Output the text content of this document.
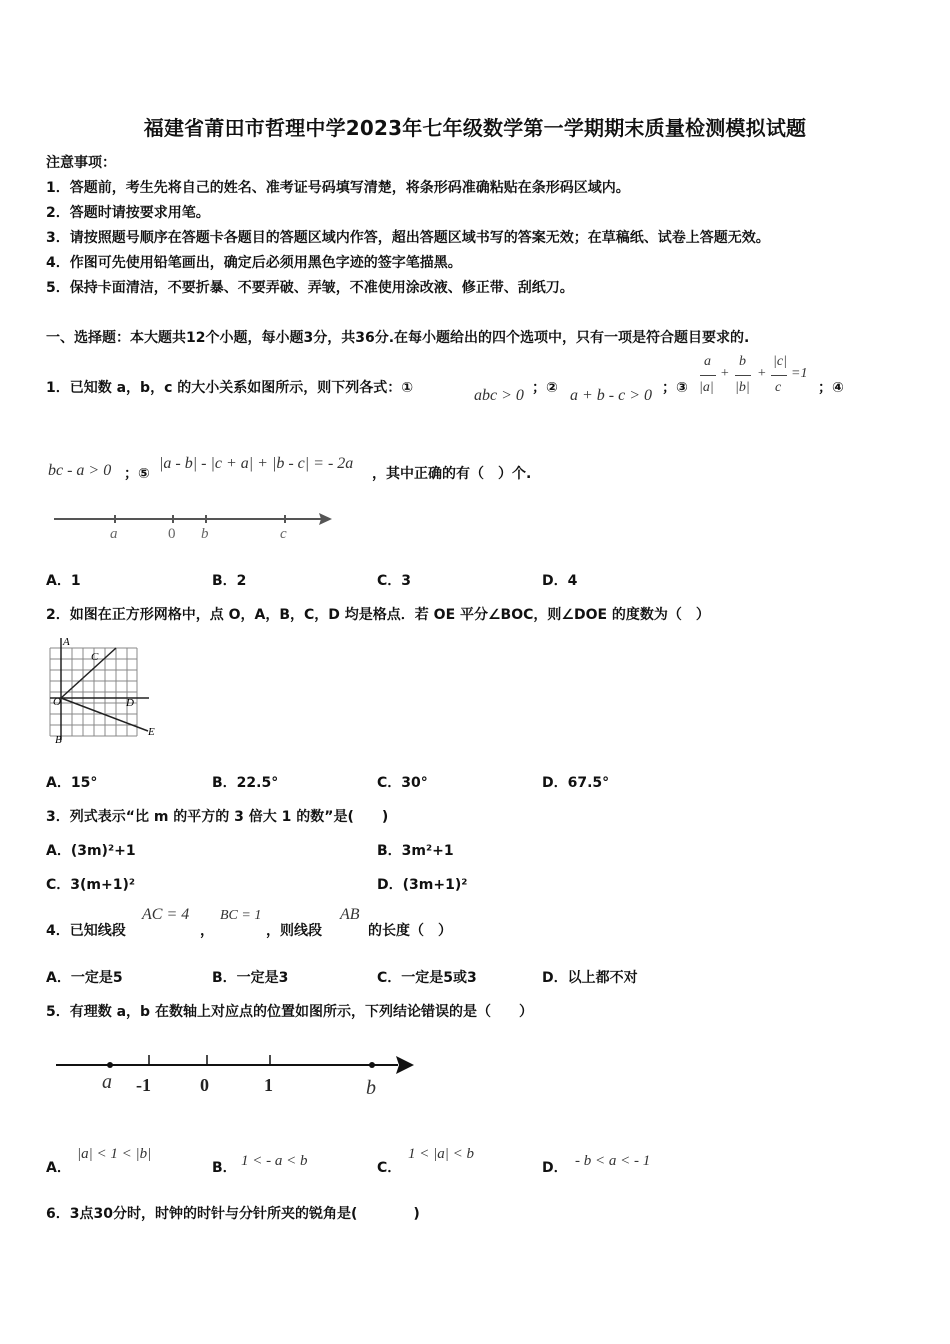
福建省莆田市哲理中学2023年七年级数学第一学期期末质量检测模拟试题
注意事项：
1．答题前，考生先将自己的姓名、准考证号码填写清楚，将条形码准确粘贴在条形码区域内。
2．答题时请按要求用笔。
3．请按照题号顺序在答题卡各题目的答题区域内作答，超出答题区域书写的答案无效；在草稿纸、试卷上答题无效。
4．作图可先使用铅笔画出，确定后必须用黑色字迹的签字笔描黑。
5．保持卡面清洁，不要折暴、不要弄破、弄皱，不准使用涂改液、修正带、刮纸刀。
一、选择题：本大题共12个小题，每小题3分，共36分.在每小题给出的四个选项中，只有一项是符合题目要求的.
1．已知数 a，b，c 的大小关系如图所示，则下列各式：①	abc > 0 ；② a + b - c > 0 ；③
a
|a|
+
b
|b|
+
|c|
c
=1
；④
bc - a > 0 ；⑤
|a - b| - |c + a| + |b - c| = - 2a
，其中正确的有（　）个.
a	0 b	c
A．1	B．2	C．3	D．4
2．如图在正方形网格中，点 O，A，B，C，D 均是格点．若 OE 平分∠BOC，则∠DOE 的度数为（　）
A
C
O	D
B
E
A．15°	B．22.5°	C．30°	D．67.5°
3．列式表示“比 m 的平方的 3 倍大 1 的数”是(　　)
A．(3m)²+1	B．3m²+1
C．3(m+1)²	D．(3m+1)²
4．已知线段
AC = 4
，
BC = 1
，则线段
AB
的长度（　）
A．一定是5	B．一定是3	C．一定是5或3	D．以上都不对
5．有理数 a，b 在数轴上对应点的位置如图所示，下列结论错误的是（　　）
a -1	0	1	b
A．
|a| < 1 < |b|
B． 1 < - a < b	C．
1 < |a| < b
D． - b < a < - 1
6．3点30分时，时钟的时针与分针所夹的锐角是(　　　　)
